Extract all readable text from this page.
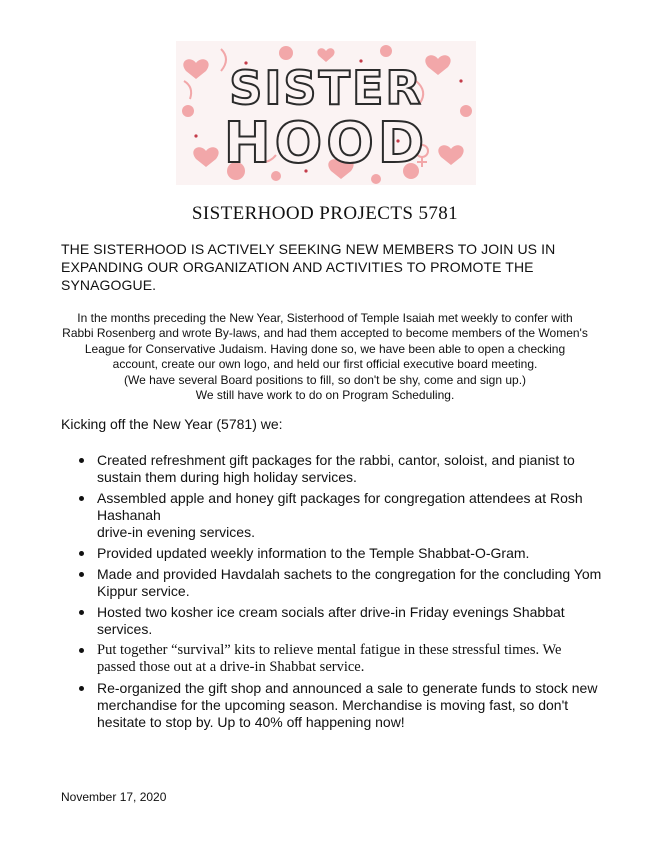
SISTER
HOOD
SISTERHOOD PROJECTS 5781
THE SISTERHOOD IS ACTIVELY SEEKING NEW MEMBERS TO JOIN US IN
EXPANDING OUR ORGANIZATION AND ACTIVITIES TO PROMOTE THE
SYNAGOGUE.
In the months preceding the New Year, Sisterhood of Temple Isaiah met weekly to confer with
Rabbi Rosenberg and wrote By-laws, and had them accepted to become members of the Women's
League for Conservative Judaism. Having done so, we have been able to open a checking
account, create our own logo, and held our first official executive board meeting.
(We have several Board positions to fill, so don't be shy, come and sign up.)
We still have work to do on Program Scheduling.
Kicking off the New Year (5781) we:
Created refreshment gift packages for the rabbi, cantor, soloist, and pianist to
sustain them during high holiday services.
Assembled apple and honey gift packages for congregation attendees at Rosh
Hashanah
drive-in evening services.
Provided updated weekly information to the Temple Shabbat-O-Gram.
Made and provided Havdalah sachets to the congregation for the concluding Yom
Kippur service.
Hosted two kosher ice cream socials after drive-in Friday evenings Shabbat
services.
Put together “survival” kits to relieve mental fatigue in these stressful times. We
passed those out at a drive-in Shabbat service.
Re-organized the gift shop and announced a sale to generate funds to stock new
merchandise for the upcoming season. Merchandise is moving fast, so don't
hesitate to stop by. Up to 40% off happening now!
November 17, 2020
